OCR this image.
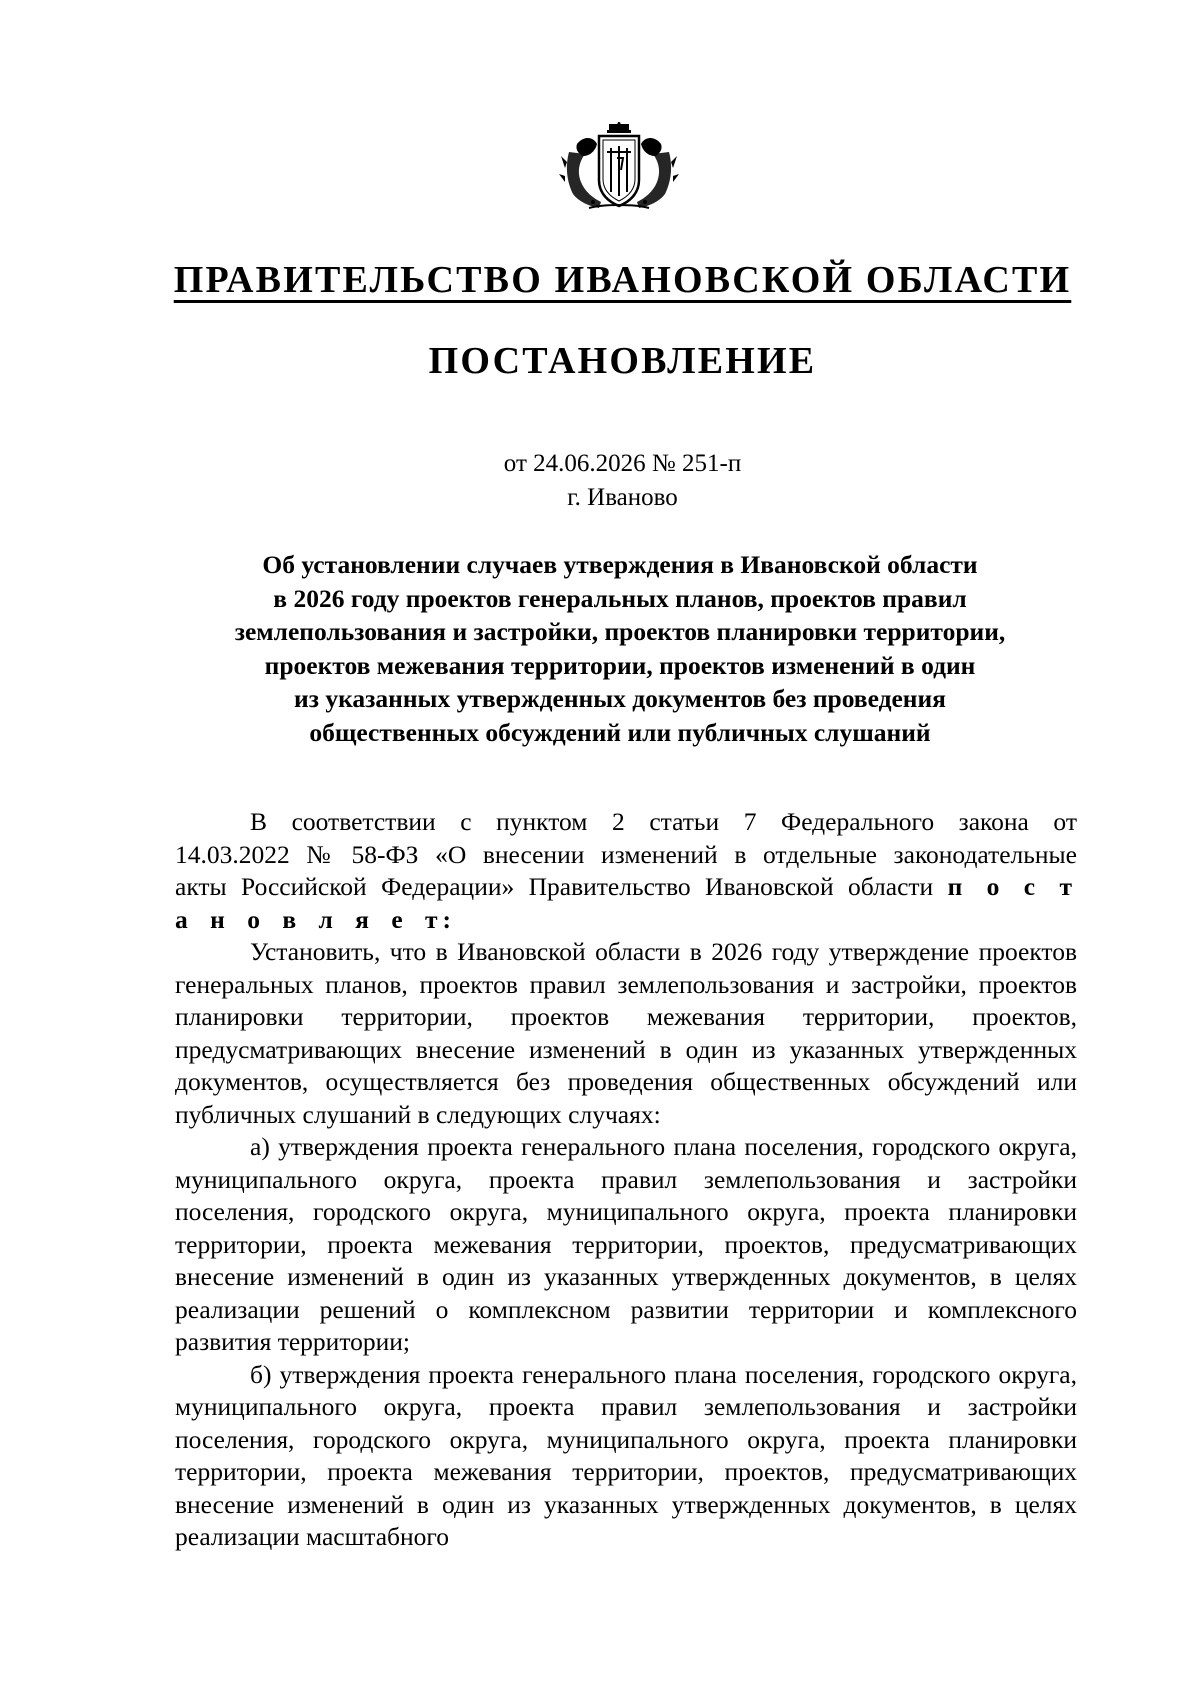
ПРАВИТЕЛЬСТВО ИВАНОВСКОЙ ОБЛАСТИ
ПОСТАНОВЛЕНИЕ
от 24.06.2026 № 251-п
г. Иваново
Об установлении случаев утверждения в Ивановской области
в 2026 году проектов генеральных планов, проектов правил
землепользования и застройки, проектов планировки территории,
проектов межевания территории, проектов изменений в один
из указанных утвержденных документов без проведения
общественных обсуждений или публичных слушаний

В соответствии с пунктом 2 статьи 7 Федерального закона от 14.03.2022 № 58-ФЗ «О внесении изменений в отдельные законодательные акты Российской Федерации» Правительство Ивановской области п о с т а н о в л я е т:

Установить, что в Ивановской области в 2026 году утверждение проектов генеральных планов, проектов правил землепользования и застройки, проектов планировки территории, проектов межевания территории, проектов, предусматривающих внесение изменений в один из указанных утвержденных документов, осуществляется без проведения общественных обсуждений или публичных слушаний в следующих случаях:

а) утверждения проекта генерального плана поселения, городского округа, муниципального округа, проекта правил землепользования и застройки поселения, городского округа, муниципального округа, проекта планировки территории, проекта межевания территории, проектов, предусматривающих внесение изменений в один из указанных утвержденных документов, в целях реализации решений о комплексном развитии территории и комплексного развития территории;

б) утверждения проекта генерального плана поселения, городского округа, муниципального округа, проекта правил землепользования и застройки поселения, городского округа, муниципального округа, проекта планировки территории, проекта межевания территории, проектов, предусматривающих внесение изменений в один из указанных утвержденных документов, в целях реализации масштабного
